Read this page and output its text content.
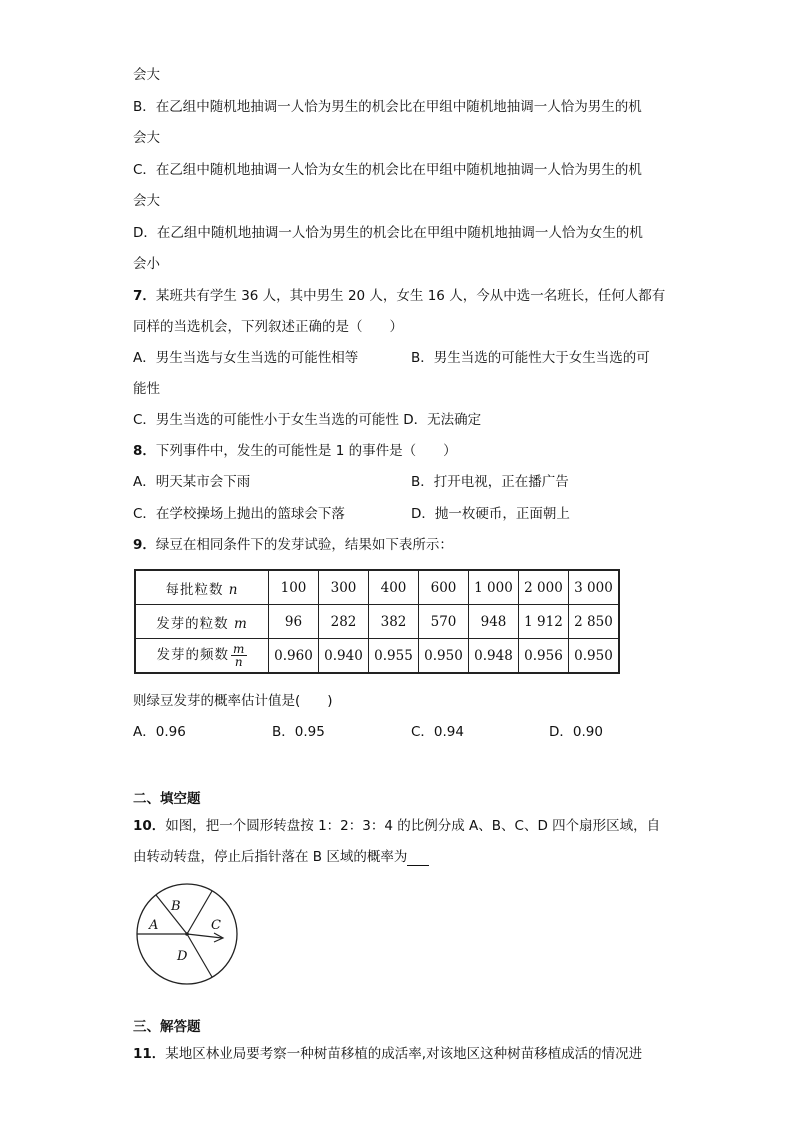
会大
B．在乙组中随机地抽调一人恰为男生的机会比在甲组中随机地抽调一人恰为男生的机
会大
C．在乙组中随机地抽调一人恰为女生的机会比在甲组中随机地抽调一人恰为男生的机
会大
D．在乙组中随机地抽调一人恰为男生的机会比在甲组中随机地抽调一人恰为女生的机
会小
7．某班共有学生 36 人，其中男生 20 人，女生 16 人，今从中选一名班长，任何人都有
同样的当选机会，下列叙述正确的是（　　）
A．男生当选与女生当选的可能性相等	B．男生当选的可能性大于女生当选的可
能性
C．男生当选的可能性小于女生当选的可能性 D．无法确定
8．下列事件中，发生的可能性是 1 的事件是（　　）
A．明天某市会下雨	B．打开电视，正在播广告
C．在学校操场上抛出的篮球会下落	D．抛一枚硬币，正面朝上
9．绿豆在相同条件下的发芽试验，结果如下表所示：
每批粒数 n	100	300	400	600	1 000	2 000	3 000
发芽的粒数 m	96	282	382	570	948	1 912	2 850
发芽的频数 $\frac{m}{n}$	0.960	0.940	0.955	0.950	0.948	0.956	0.950
则绿豆发芽的概率估计值是(　　)
A．0.96	B．0.95	C．0.94	D．0.90
二、填空题
10．如图，把一个圆形转盘按 1：2：3：4 的比例分成 A、B、C、D 四个扇形区域，自
由转动转盘，停止后指针落在 B 区域的概率为
B
A	C
D
三、解答题
11．某地区林业局要考察一种树苗移植的成活率,对该地区这种树苗移植成活的情况进
